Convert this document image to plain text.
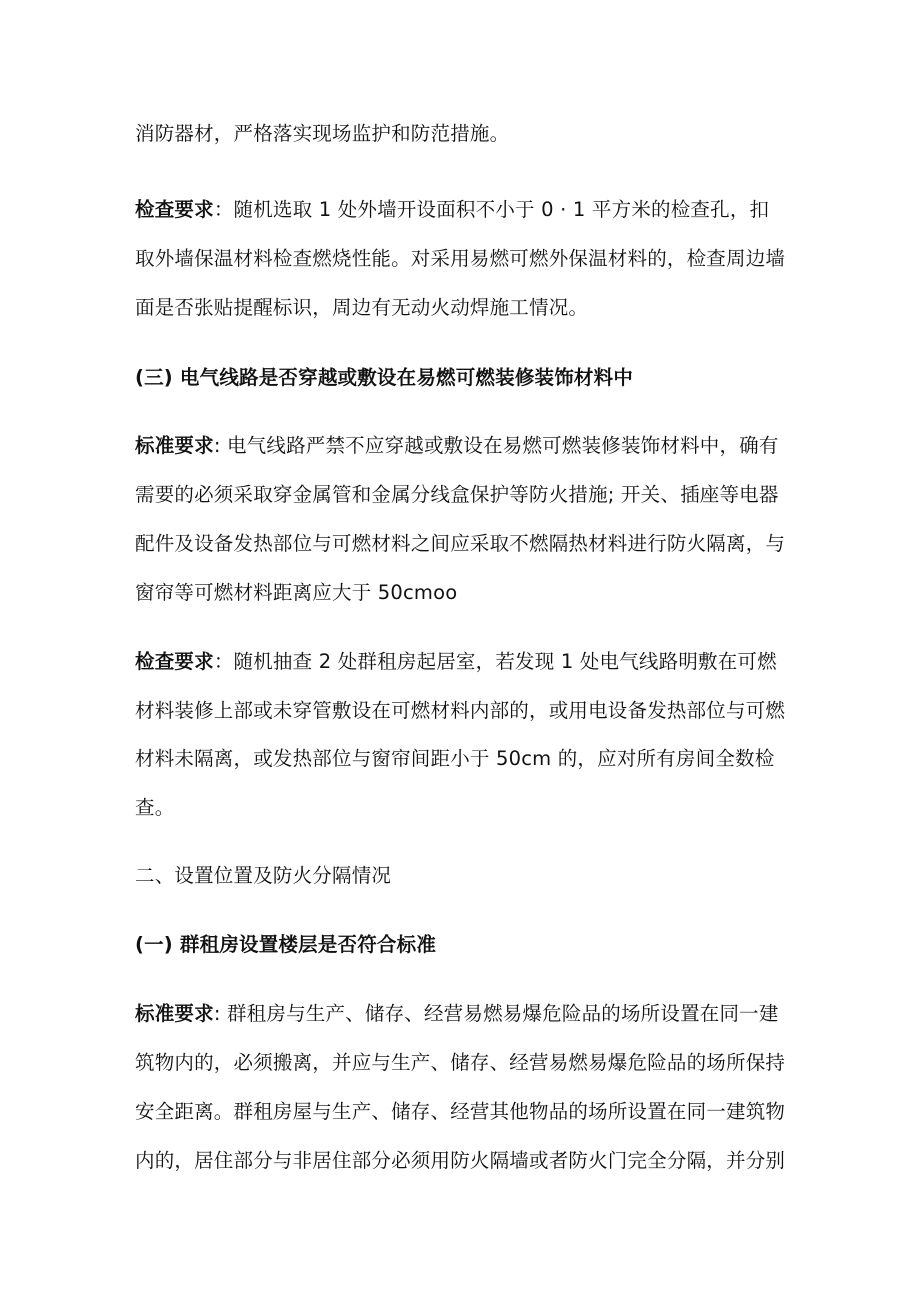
消防器材，严格落实现场监护和防范措施。
检查要求：随机选取 1 处外墙开设面积不小于 0 · 1 平方米的检查孔，扣
取外墙保温材料检查燃烧性能。对采用易燃可燃外保温材料的，检查周边墙
面是否张贴提醒标识，周边有无动火动焊施工情况。
(三) 电气线路是否穿越或敷设在易燃可燃装修装饰材料中
标准要求: 电气线路严禁不应穿越或敷设在易燃可燃装修装饰材料中，确有
需要的必须采取穿金属管和金属分线盒保护等防火措施; 开关、插座等电器
配件及设备发热部位与可燃材料之间应采取不燃隔热材料进行防火隔离，与
窗帘等可燃材料距离应大于 50cmoo
检查要求：随机抽查 2 处群租房起居室，若发现 1 处电气线路明敷在可燃
材料装修上部或未穿管敷设在可燃材料内部的，或用电设备发热部位与可燃
材料未隔离，或发热部位与窗帘间距小于 50cm 的，应对所有房间全数检
查。
二、设置位置及防火分隔情况
(一) 群租房设置楼层是否符合标准
标准要求: 群租房与生产、储存、经营易燃易爆危险品的场所设置在同一建
筑物内的，必须搬离，并应与生产、储存、经营易燃易爆危险品的场所保持
安全距离。群租房屋与生产、储存、经营其他物品的场所设置在同一建筑物
内的，居住部分与非居住部分必须用防火隔墙或者防火门完全分隔，并分别
